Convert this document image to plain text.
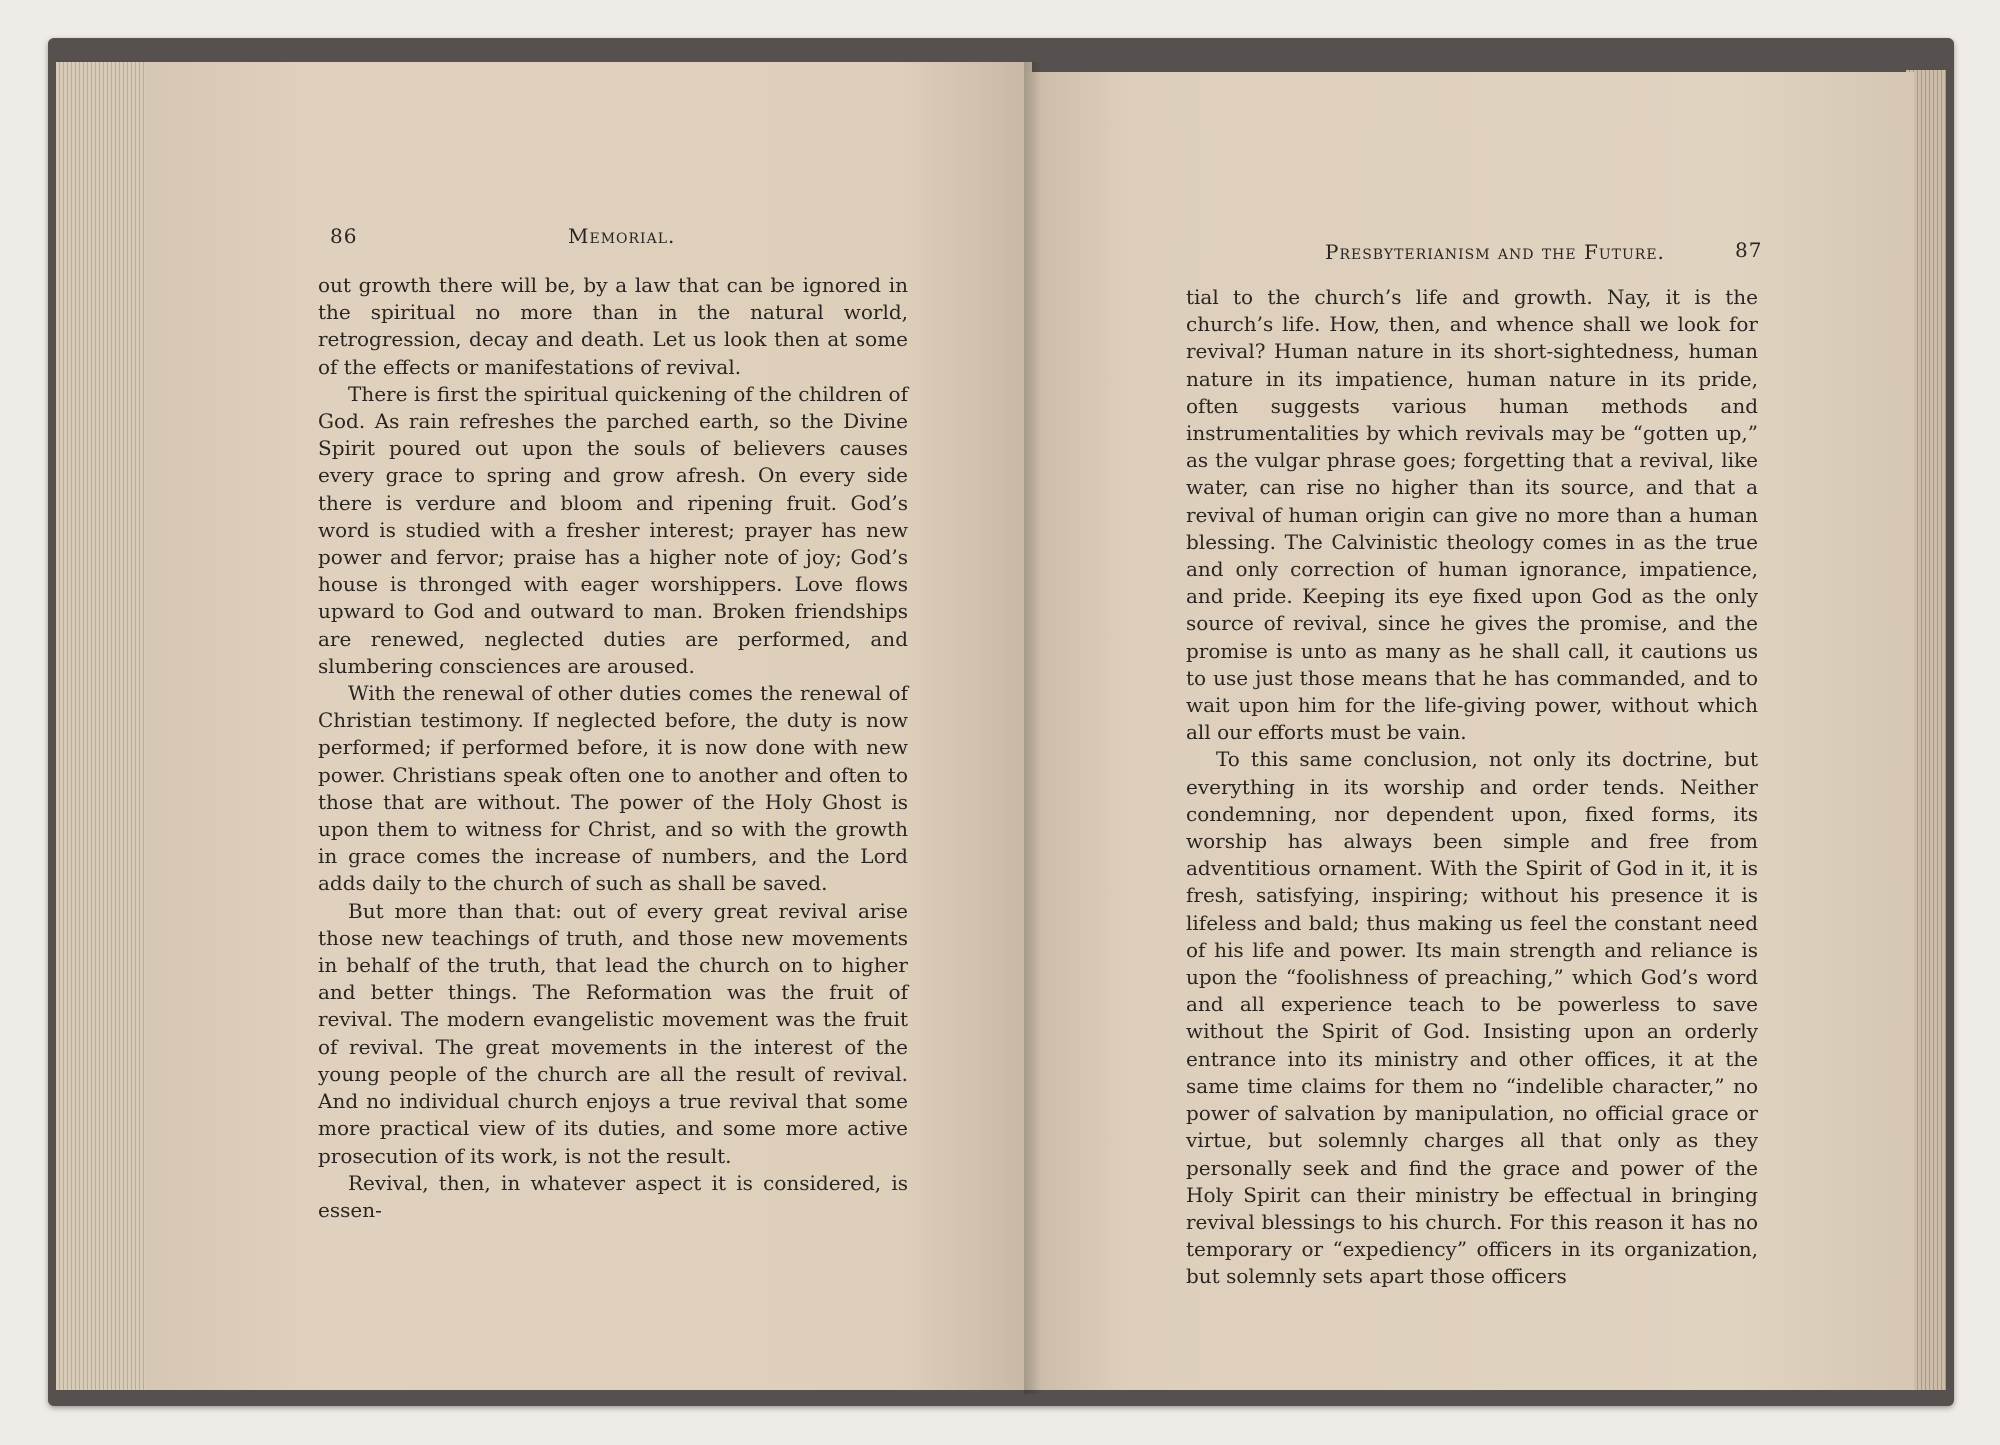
86	Memorial.

out growth there will be, by a law that can be ignored in the spiritual no more than in the natural world, retrogression, decay and death. Let us look then at some of the effects or manifestations of revival.

There is first the spiritual quickening of the children of God. As rain refreshes the parched earth, so the Divine Spirit poured out upon the souls of believers causes every grace to spring and grow afresh. On every side there is verdure and bloom and ripening fruit. God’s word is studied with a fresher interest; prayer has new power and fervor; praise has a higher note of joy; God’s house is thronged with eager worshippers. Love flows upward to God and outward to man. Broken friendships are renewed, neglected duties are performed, and slumbering consciences are aroused.

With the renewal of other duties comes the renewal of Christian testimony. If neglected before, the duty is now performed; if performed before, it is now done with new power. Christians speak often one to another and often to those that are without. The power of the Holy Ghost is upon them to witness for Christ, and so with the growth in grace comes the increase of numbers, and the Lord adds daily to the church of such as shall be saved.

But more than that: out of every great revival arise those new teachings of truth, and those new movements in behalf of the truth, that lead the church on to higher and better things. The Reformation was the fruit of revival. The modern evangelistic movement was the fruit of revival. The great movements in the interest of the young people of the church are all the result of revival. And no individual church enjoys a true revival that some more practical view of its duties, and some more active prosecution of its work, is not the result.

Revival, then, in whatever aspect it is considered, is essen-

Presbyterianism and the Future.	87

tial to the church’s life and growth. Nay, it is the church’s life. How, then, and whence shall we look for revival? Human nature in its short-sightedness, human nature in its impatience, human nature in its pride, often suggests various human methods and instrumentalities by which revivals may be “gotten up,” as the vulgar phrase goes; forgetting that a revival, like water, can rise no higher than its source, and that a revival of human origin can give no more than a human blessing. The Calvinistic theology comes in as the true and only correction of human ignorance, impatience, and pride. Keeping its eye fixed upon God as the only source of revival, since he gives the promise, and the promise is unto as many as he shall call, it cautions us to use just those means that he has commanded, and to wait upon him for the life-giving power, without which all our efforts must be vain.

To this same conclusion, not only its doctrine, but everything in its worship and order tends. Neither condemning, nor dependent upon, fixed forms, its worship has always been simple and free from adventitious ornament. With the Spirit of God in it, it is fresh, satisfying, inspiring; without his presence it is lifeless and bald; thus making us feel the constant need of his life and power. Its main strength and reliance is upon the “foolishness of preaching,” which God’s word and all experience teach to be powerless to save without the Spirit of God. Insisting upon an orderly entrance into its ministry and other offices, it at the same time claims for them no “indelible character,” no power of salvation by manipulation, no official grace or virtue, but solemnly charges all that only as they personally seek and find the grace and power of the Holy Spirit can their ministry be effectual in bringing revival blessings to his church. For this reason it has no temporary or “expediency” officers in its organization, but solemnly sets apart those officers
